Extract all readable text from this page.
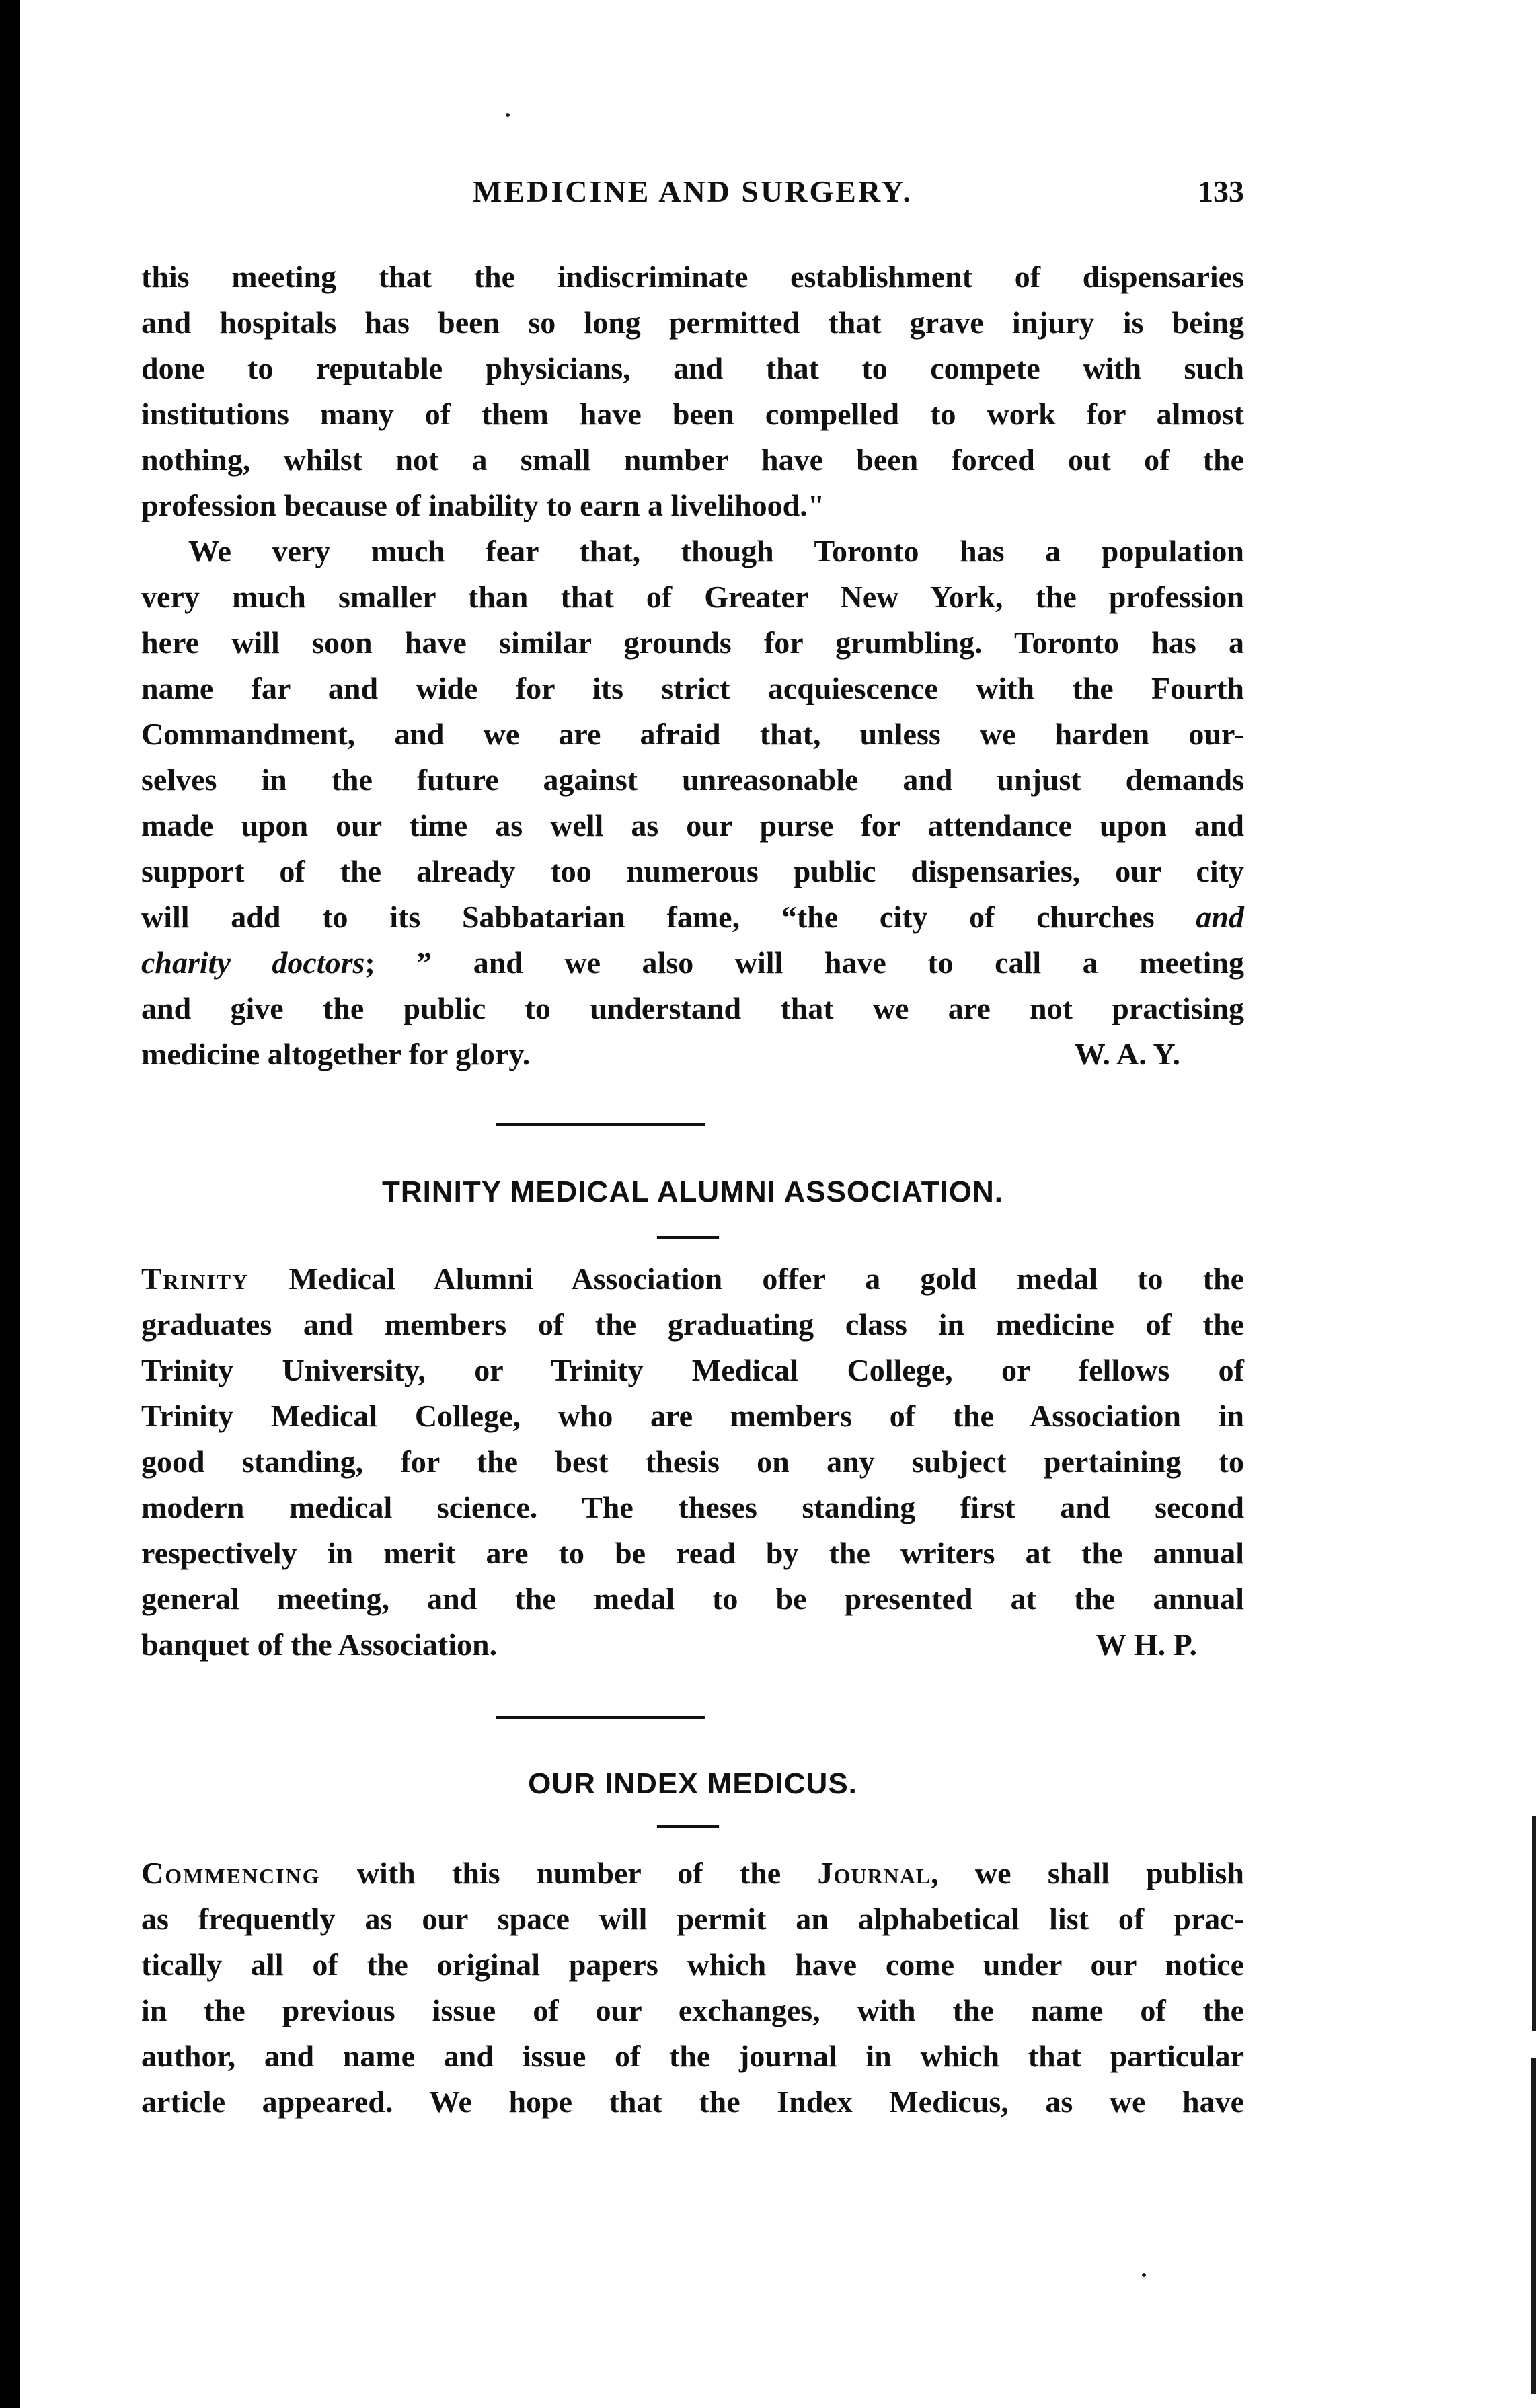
MEDICINE AND SURGERY.	133
this meeting that the indiscriminate establishment of dispensaries
and hospitals has been so long permitted that grave injury is being
done to reputable physicians, and that to compete with such
institutions many of them have been compelled to work for almost
nothing, whilst not a small number have been forced out of the
profession because of inability to earn a livelihood."
We very much fear that, though Toronto has a population
very much smaller than that of Greater New York, the profession
here will soon have similar grounds for grumbling. Toronto has a
name far and wide for its strict acquiescence with the Fourth
Commandment, and we are afraid that, unless we harden our-
selves in the future against unreasonable and unjust demands
made upon our time as well as our purse for attendance upon and
support of the already too numerous public dispensaries, our city
will add to its Sabbatarian fame, “the city of churches and
charity doctors; ” and we also will have to call a meeting
and give the public to understand that we are not practising
medicine altogether for glory.	W. A. Y.
TRINITY MEDICAL ALUMNI ASSOCIATION.
Trinity Medical Alumni Association offer a gold medal to the
graduates and members of the graduating class in medicine of the
Trinity University, or Trinity Medical College, or fellows of
Trinity Medical College, who are members of the Association in
good standing, for the best thesis on any subject pertaining to
modern medical science. The theses standing first and second
respectively in merit are to be read by the writers at the annual
general meeting, and the medal to be presented at the annual
banquet of the Association.	W H. P.
OUR INDEX MEDICUS.
Commencing with this number of the Journal, we shall publish
as frequently as our space will permit an alphabetical list of prac-
tically all of the original papers which have come under our notice
in the previous issue of our exchanges, with the name of the
author, and name and issue of the journal in which that particular
article appeared. We hope that the Index Medicus, as we have
